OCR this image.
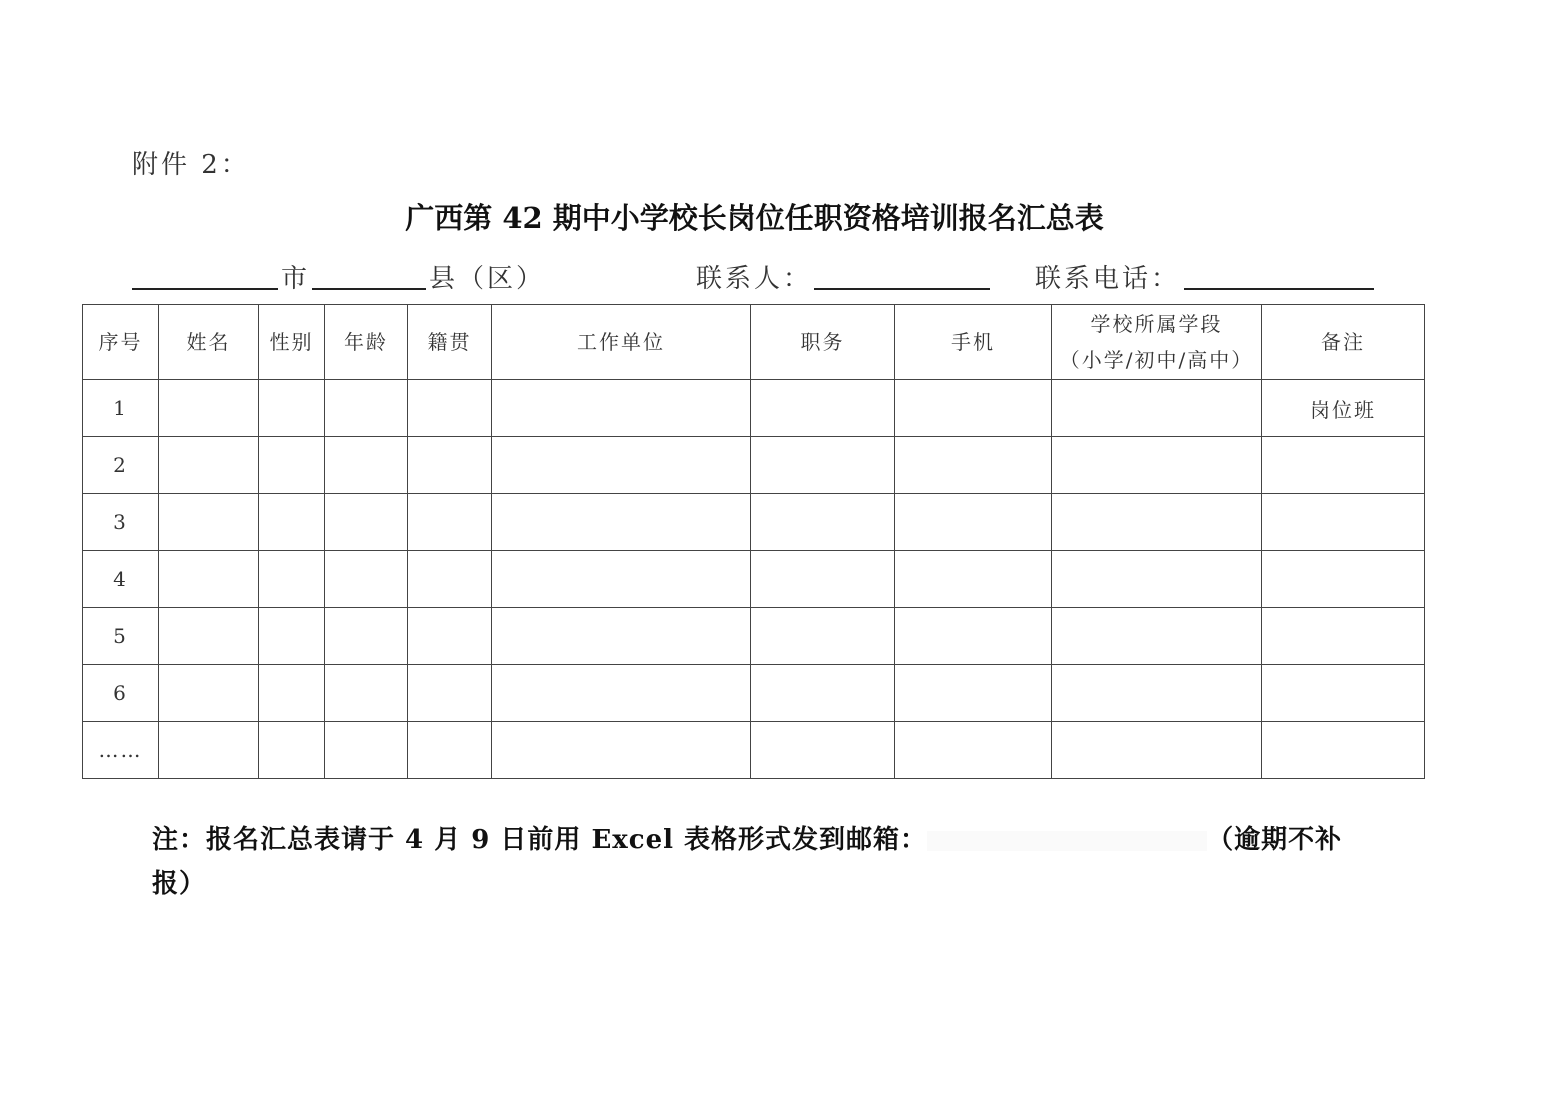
附件 2：
广西第 42 期中小学校长岗位任职资格培训报名汇总表
市	县（区）	联系人：	联系电话：
序号	姓名	性别	年龄	籍贯	工作单位	职务	手机	学校所属学段
（小学/初中/高中）	备注
1									岗位班
2									
3									
4									
5									
6									
……									
注：报名汇总表请于 4 月 9 日前用 Excel 表格形式发到邮箱：	（逾期不补报）
